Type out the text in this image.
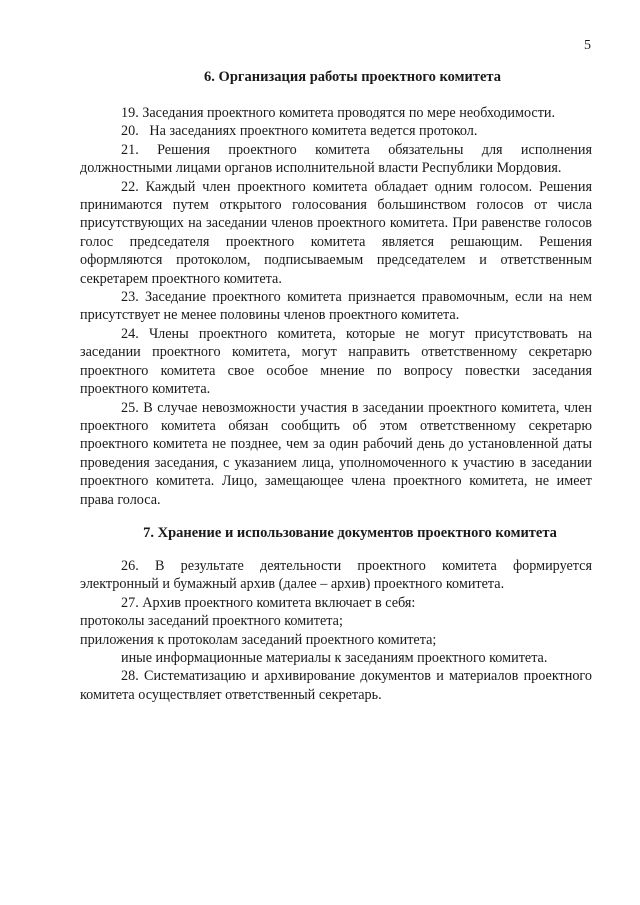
5
6. Организация работы проектного комитета

19. Заседания проектного комитета проводятся по мере необходимости.

20.   На заседаниях проектного комитета ведется протокол.

21. Решения проектного комитета обязательны для исполнения должностными лицами органов исполнительной власти Республики Мордовия.

22. Каждый член проектного комитета обладает одним голосом. Решения принимаются путем открытого голосования большинством голосов от числа присутствующих на заседании членов проектного комитета. При равенстве голосов голос председателя проектного комитета является решающим. Решения оформляются протоколом, подписываемым председателем и ответственным секретарем проектного комитета.

23. Заседание проектного комитета признается правомочным, если на нем присутствует не менее половины членов проектного комитета.

24. Члены проектного комитета, которые не могут присутствовать на заседании проектного комитета, могут направить ответственному секретарю проектного комитета свое особое мнение по вопросу повестки заседания проектного комитета.

25. В случае невозможности участия в заседании проектного комитета, член проектного комитета обязан сообщить об этом ответственному секретарю проектного комитета не позднее, чем за один рабочий день до установленной даты проведения заседания, с указанием лица, уполномоченного к участию в заседании проектного комитета. Лицо, замещающее члена проектного комитета, не имеет права голоса.

7. Хранение и использование документов проектного комитета

26. В результате деятельности проектного комитета формируется электронный и бумажный архив (далее – архив) проектного комитета.

27. Архив проектного комитета включает в себя:

протоколы заседаний проектного комитета;

приложения к протоколам заседаний проектного комитета;

иные информационные материалы к заседаниям проектного комитета.

28. Систематизацию и архивирование документов и материалов проектного комитета осуществляет ответственный секретарь.
